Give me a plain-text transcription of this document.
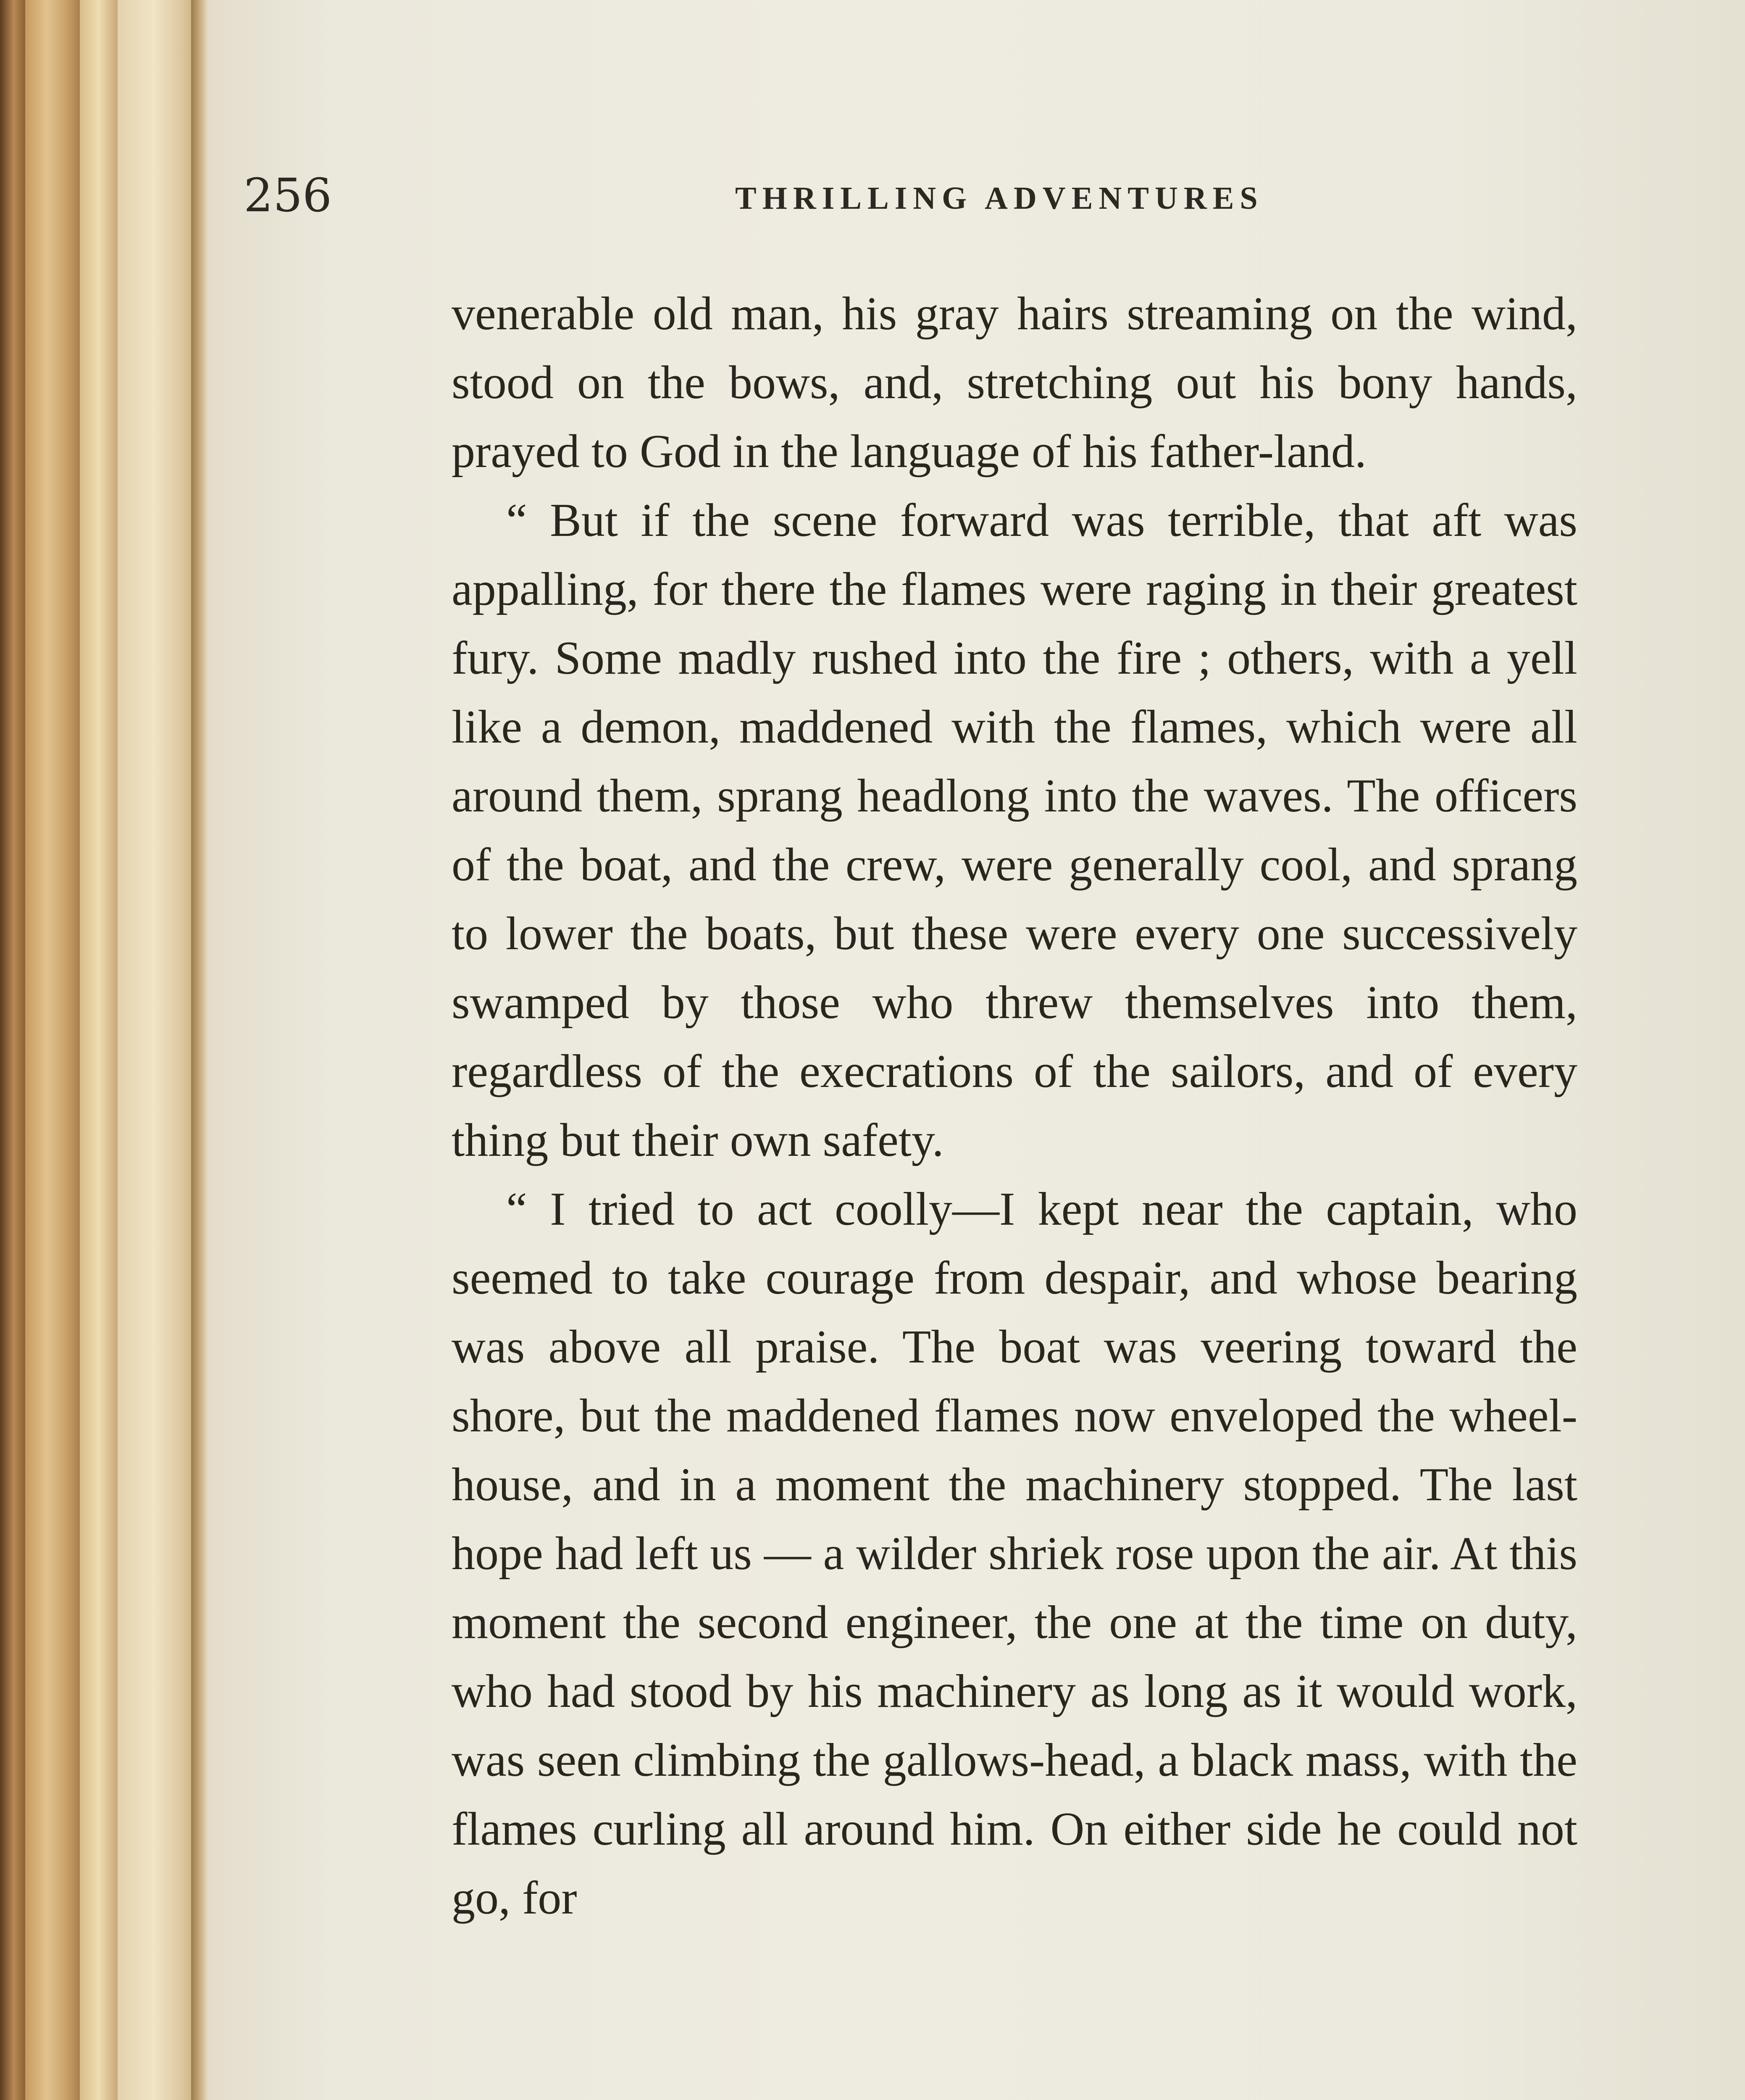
256	THRILLING ADVENTURES

venerable old man, his gray hairs streaming on the wind, stood on the bows, and, stretching out his bony hands, prayed to God in the language of his father-land.

“ But if the scene forward was terrible, that aft was appalling, for there the flames were raging in their greatest fury. Some madly rushed into the fire ; others, with a yell like a demon, maddened with the flames, which were all around them, sprang headlong into the waves. The officers of the boat, and the crew, were generally cool, and sprang to lower the boats, but these were every one successively swamped by those who threw themselves into them, regardless of the execrations of the sailors, and of every thing but their own safety.

“ I tried to act coolly—I kept near the captain, who seemed to take courage from despair, and whose bearing was above all praise. The boat was veering toward the shore, but the maddened flames now enveloped the wheel-house, and in a moment the machinery stopped. The last hope had left us — a wilder shriek rose upon the air. At this moment the second engineer, the one at the time on duty, who had stood by his machinery as long as it would work, was seen climbing the gallows-head, a black mass, with the flames curling all around him. On either side he could not go, for
